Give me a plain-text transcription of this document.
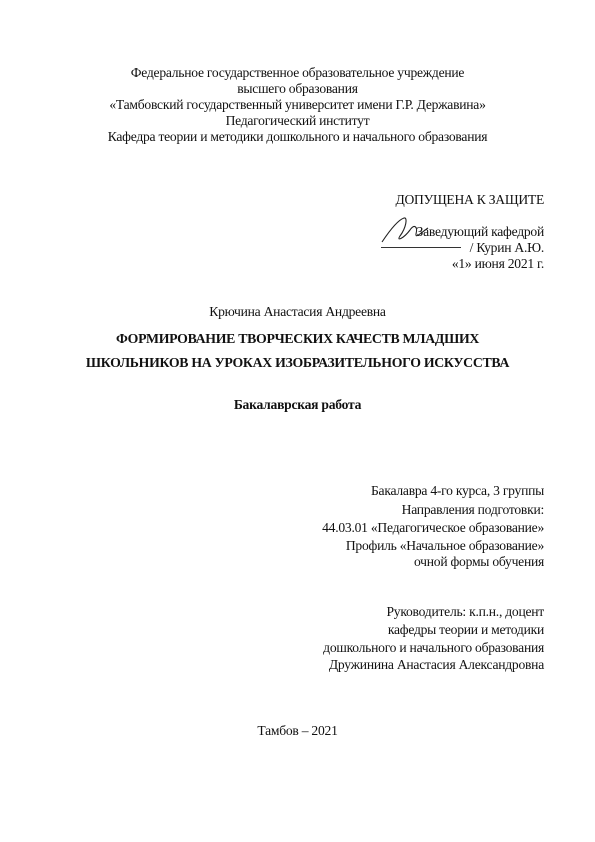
Федеральное государственное образовательное учреждение
высшего образования
«Тамбовский государственный университет имени Г.Р. Державина»
Педагогический институт
Кафедра теории и методики дошкольного и начального образования
ДОПУЩЕНА К ЗАЩИТЕ
Заведующий кафедрой
/ Курин А.Ю.
«1» июня 2021 г.
Крючина Анастасия Андреевна
ФОРМИРОВАНИЕ ТВОРЧЕСКИХ КАЧЕСТВ МЛАДШИХ
ШКОЛЬНИКОВ НА УРОКАХ ИЗОБРАЗИТЕЛЬНОГО ИСКУССТВА
Бакалаврская работа
Бакалавра 4-го курса, 3 группы
Направления подготовки:
44.03.01 «Педагогическое образование»
Профиль «Начальное образование»
очной формы обучения
Руководитель: к.п.н., доцент
кафедры теории и методики
дошкольного и начального образования
Дружинина Анастасия Александровна
Тамбов – 2021
